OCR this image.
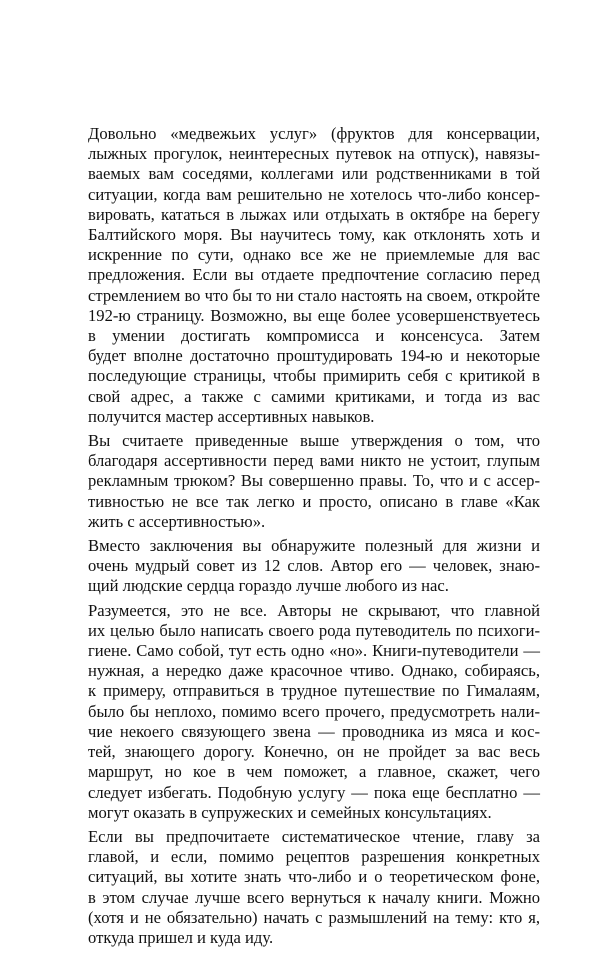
Довольно «медвежьих услуг» (фруктов для консервации,
лыжных прогулок, неинтересных путевок на отпуск), навязы-
ваемых вам соседями, коллегами или родственниками в той
ситуации, когда вам решительно не хотелось что-либо консер-
вировать, кататься в лыжах или отдыхать в октябре на берегу
Балтийского моря. Вы научитесь тому, как отклонять хоть и
искренние по сути, однако все же не приемлемые для вас
предложения. Если вы отдаете предпочтение согласию перед
стремлением во что бы то ни стало настоять на своем, откройте
192-ю страницу. Возможно, вы еще более усовершенствуетесь
в умении достигать компромисса и консенсуса. Затем
будет вполне достаточно проштудировать 194-ю и некоторые
последующие страницы, чтобы примирить себя с критикой в
свой адрес, а также с самими критиками, и тогда из вас
получится мастер ассертивных навыков.
Вы считаете приведенные выше утверждения о том, что
благодаря ассертивности перед вами никто не устоит, глупым
рекламным трюком? Вы совершенно правы. То, что и с ассер-
тивностью не все так легко и просто, описано в главе «Как
жить с ассертивностью».
Вместо заключения вы обнаружите полезный для жизни и
очень мудрый совет из 12 слов. Автор его — человек, знаю-
щий людские сердца гораздо лучше любого из нас.
Разумеется, это не все. Авторы не скрывают, что главной
их целью было написать своего рода путеводитель по психоги-
гиене. Само собой, тут есть одно «но». Книги-путеводители —
нужная, а нередко даже красочное чтиво. Однако, собираясь,
к примеру, отправиться в трудное путешествие по Гималаям,
было бы неплохо, помимо всего прочего, предусмотреть нали-
чие некоего связующего звена — проводника из мяса и кос-
тей, знающего дорогу. Конечно, он не пройдет за вас весь
маршрут, но кое в чем поможет, а главное, скажет, чего
следует избегать. Подобную услугу — пока еще бесплатно —
могут оказать в супружеских и семейных консультациях.
Если вы предпочитаете систематическое чтение, главу за
главой, и если, помимо рецептов разрешения конкретных
ситуаций, вы хотите знать что-либо и о теоретическом фоне,
в этом случае лучше всего вернуться к началу книги. Можно
(хотя и не обязательно) начать с размышлений на тему: кто я,
откуда пришел и куда иду.
